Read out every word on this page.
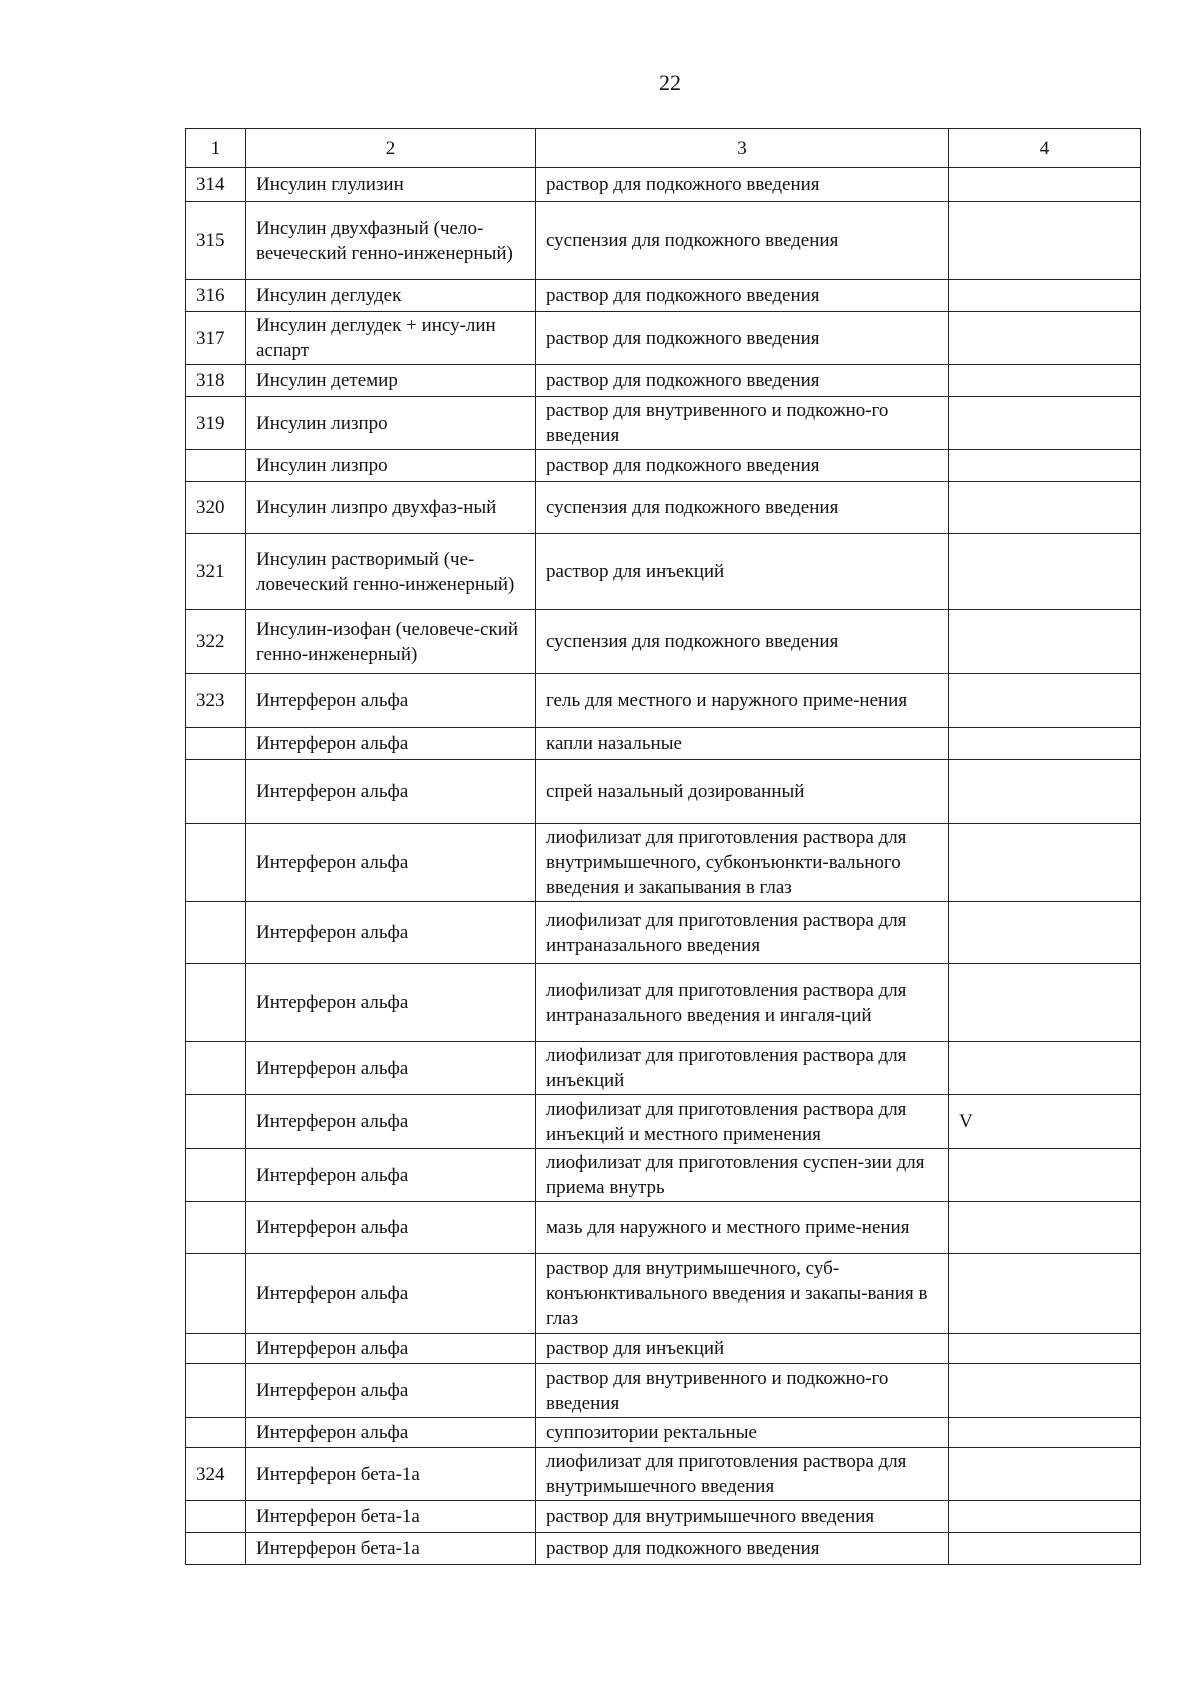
22
1	2	3	4
314	Инсулин глулизин	раствор для подкожного введения	
315	Инсулин двухфазный (чело-вечеческий генно-инженерный)	суспензия для подкожного введения	
316	Инсулин деглудек	раствор для подкожного введения	
317	Инсулин деглудек + инсу-лин аспарт	раствор для подкожного введения	
318	Инсулин детемир	раствор для подкожного введения	
319	Инсулин лизпро	раствор для внутривенного и подкожно-го введения	
	Инсулин лизпро	раствор для подкожного введения	
320	Инсулин лизпро двухфаз-ный	суспензия для подкожного введения	
321	Инсулин растворимый (че-ловеческий генно-инженерный)	раствор для инъекций	
322	Инсулин-изофан (человече-ский генно-инженерный)	суспензия для подкожного введения	
323	Интерферон альфа	гель для местного и наружного приме-нения	
	Интерферон альфа	капли назальные	
	Интерферон альфа	спрей назальный дозированный	
	Интерферон альфа	лиофилизат для приготовления раствора для внутримышечного, субконъюнкти-вального введения и закапывания в глаз	
	Интерферон альфа	лиофилизат для приготовления раствора для интраназального введения	
	Интерферон альфа	лиофилизат для приготовления раствора для интраназального введения и ингаля-ций	
	Интерферон альфа	лиофилизат для приготовления раствора для инъекций	
	Интерферон альфа	лиофилизат для приготовления раствора для инъекций и местного применения	V
	Интерферон альфа	лиофилизат для приготовления суспен-зии для приема внутрь	
	Интерферон альфа	мазь для наружного и местного приме-нения	
	Интерферон альфа	раствор для внутримышечного, суб-конъюнктивального введения и закапы-вания в глаз	
	Интерферон альфа	раствор для инъекций	
	Интерферон альфа	раствор для внутривенного и подкожно-го введения	
	Интерферон альфа	суппозитории ректальные	
324	Интерферон бета-1а	лиофилизат для приготовления раствора для внутримышечного введения	
	Интерферон бета-1а	раствор для внутримышечного введения	
	Интерферон бета-1а	раствор для подкожного введения	
